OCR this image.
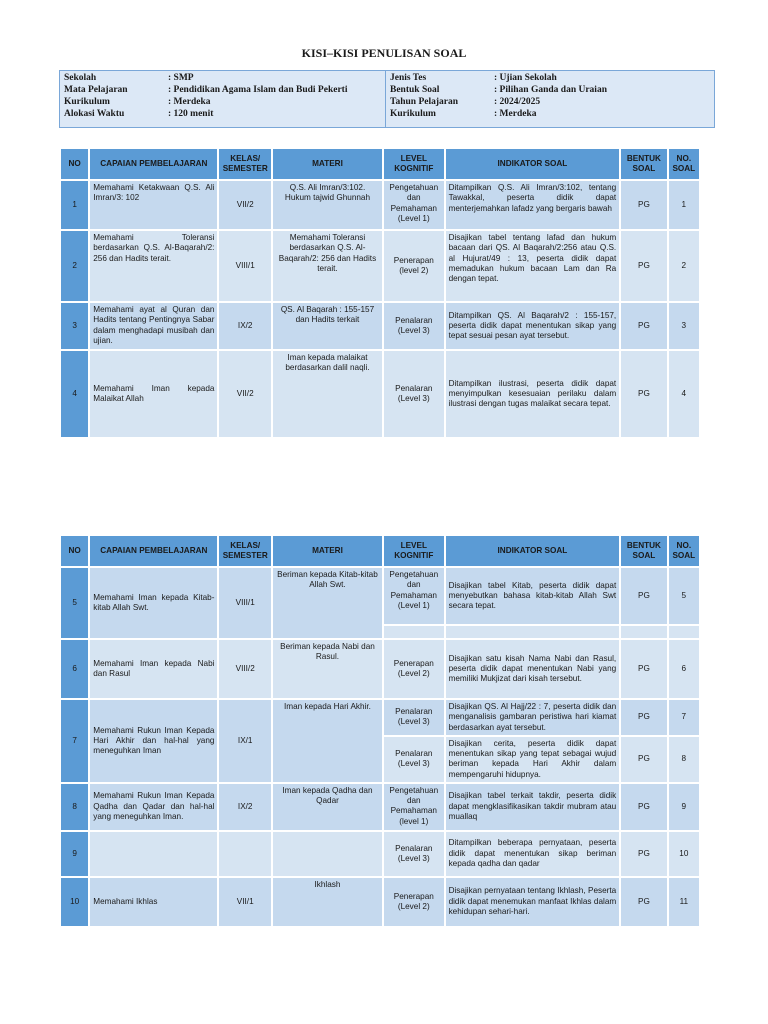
KISI–KISI PENULISAN SOAL
Sekolah	: SMP
Mata Pelajaran	: Pendidikan Agama Islam dan Budi Pekerti
Kurikulum	: Merdeka
Alokasi Waktu	: 120 menit
Jenis Tes	: Ujian Sekolah
Bentuk Soal	: Pilihan Ganda dan Uraian
Tahun Pelajaran	: 2024/2025
Kurikulum	: Merdeka
NO	CAPAIAN PEMBELAJARAN	KELAS/ SEMESTER	MATERI	LEVEL KOGNITIF	INDIKATOR SOAL	BENTUK SOAL	NO. SOAL
1	Memahami Ketakwaan Q.S. Ali Imran/3: 102	VII/2	Q.S. Ali Imran/3:102. Hukum tajwid Ghunnah	Pengetahuan dan Pemahaman (Level 1)	Ditampilkan Q.S. Ali Imran/3:102, tentang Tawakkal, peserta didik dapat menterjemahkan lafadz yang bergaris bawah	PG	1
2	Memahami Toleransi berdasarkan Q.S. Al-Baqarah/2: 256 dan Hadits terait.	VIII/1	Memahami Toleransi berdasarkan Q.S. Al-Baqarah/2: 256 dan Hadits terait.	Penerapan (level 2)	Disajikan tabel tentang lafad dan hukum bacaan dari QS. Al Baqarah/2:256 atau Q.S. al Hujurat/49 : 13, peserta didik dapat memadukan hukum bacaan Lam dan Ra dengan tepat.	PG	2
3	Memahami ayat al Quran dan Hadits tentang Pentingnya Sabar dalam menghadapi musibah dan ujian.	IX/2	QS. Al Baqarah : 155-157 dan Hadits terkait	Penalaran (Level 3)	Ditampilkan QS. Al Baqarah/2 : 155-157, peserta didik dapat menentukan sikap yang tepat sesuai pesan ayat tersebut.	PG	3
4	Memahami Iman kepada Malaikat Allah	VII/2	Iman kepada malaikat berdasarkan dalil naqli.	Penalaran (Level 3)	Ditampilkan ilustrasi, peserta didik dapat menyimpulkan kesesuaian perilaku dalam ilustrasi dengan tugas malaikat secara tepat.	PG	4
NO	CAPAIAN PEMBELAJARAN	KELAS/ SEMESTER	MATERI	LEVEL KOGNITIF	INDIKATOR SOAL	BENTUK SOAL	NO. SOAL
5	Memahami Iman kepada Kitab-kitab Allah Swt.	VIII/1	Beriman kepada Kitab-kitab Allah Swt.	Pengetahuan dan Pemahaman (Level 1)	Disajikan tabel Kitab, peserta didik dapat menyebutkan bahasa kitab-kitab Allah Swt secara tepat.	PG	5

6	Memahami Iman kepada Nabi dan Rasul	VIII/2	Beriman kepada Nabi dan Rasul.	Penerapan (Level 2)	Disajikan satu kisah Nama Nabi dan Rasul, peserta didik dapat menentukan Nabi yang memiliki Mukjizat dari kisah tersebut.	PG	6
7	Memahami Rukun Iman Kepada Hari Akhir dan hal-hal yang meneguhkan Iman	IX/1	Iman kepada Hari Akhir.	Penalaran (Level 3)	Disajikan QS. Al Hajj/22 : 7, peserta didik dan menganalisis gambaran peristiwa hari kiamat berdasarkan ayat tersebut.	PG	7
				Penalaran (Level 3)	Disajikan cerita, peserta didik dapat menentukan sikap yang tepat sebagai wujud beriman kepada Hari Akhir dalam mempengaruhi hidupnya.	PG	8
8	Memahami Rukun Iman Kepada Qadha dan Qadar dan hal-hal yang meneguhkan Iman.	IX/2	Iman kepada Qadha dan Qadar	Pengetahuan dan Pemahaman (level 1)	Disajikan tabel terkait takdir, peserta didik dapat mengklasifikasikan takdir mubram atau muallaq	PG	9
9				Penalaran (Level 3)	Ditampilkan beberapa pernyataan, peserta didik dapat menentukan sikap beriman kepada qadha dan qadar	PG	10
10	Memahami Ikhlas	VII/1	Ikhlash	Penerapan (Level 2)	Disajikan pernyataan tentang Ikhlash, Peserta didik dapat menemukan manfaat Ikhlas dalam kehidupan sehari-hari.	PG	11
